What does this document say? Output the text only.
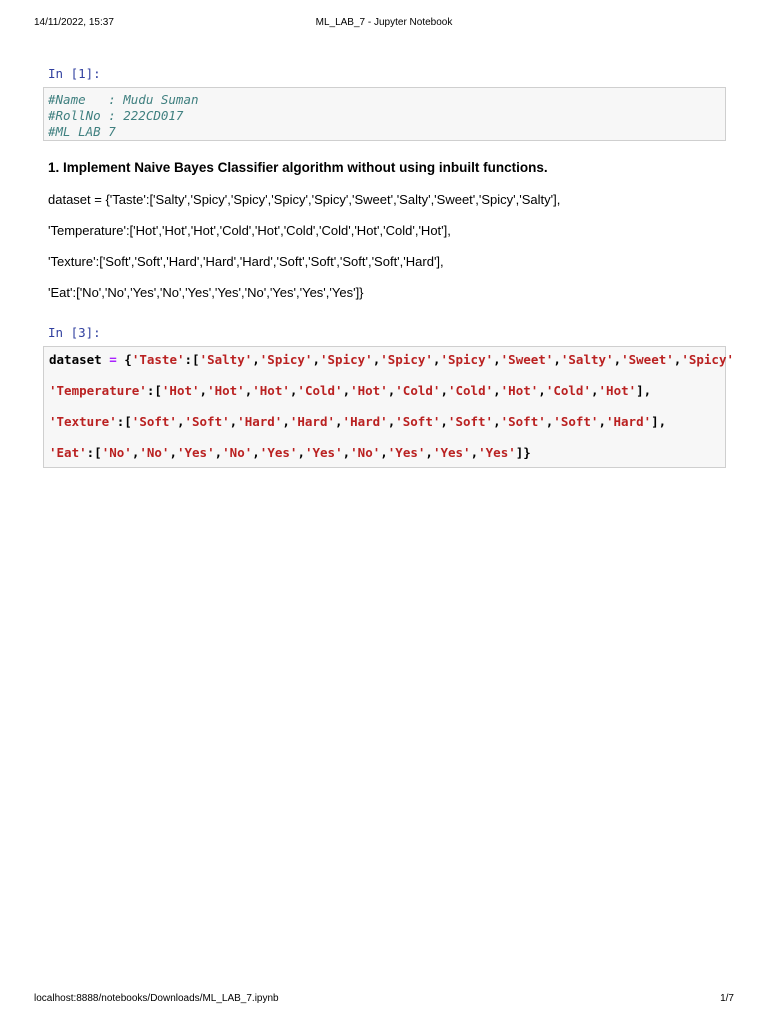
14/11/2022, 15:37	ML_LAB_7 - Jupyter Notebook
In [1]:
#Name   : Mudu Suman
#RollNo : 222CD017
#ML LAB 7
1. Implement Naive Bayes Classifier algorithm without using inbuilt functions.
dataset = {'Taste':['Salty','Spicy','Spicy','Spicy','Spicy','Sweet','Salty','Sweet','Spicy','Salty'],
'Temperature':['Hot','Hot','Hot','Cold','Hot','Cold','Cold','Hot','Cold','Hot'],
'Texture':['Soft','Soft','Hard','Hard','Hard','Soft','Soft','Soft','Soft','Hard'],
'Eat':['No','No','Yes','No','Yes','Yes','No','Yes','Yes','Yes']}
In [3]:
dataset = {'Taste':['Salty','Spicy','Spicy','Spicy','Spicy','Sweet','Salty','Sweet','Spicy'
'Temperature':['Hot','Hot','Hot','Cold','Hot','Cold','Cold','Hot','Cold','Hot'],
'Texture':['Soft','Soft','Hard','Hard','Hard','Soft','Soft','Soft','Soft','Hard'],
'Eat':['No','No','Yes','No','Yes','Yes','No','Yes','Yes','Yes']}
localhost:8888/notebooks/Downloads/ML_LAB_7.ipynb	1/7
